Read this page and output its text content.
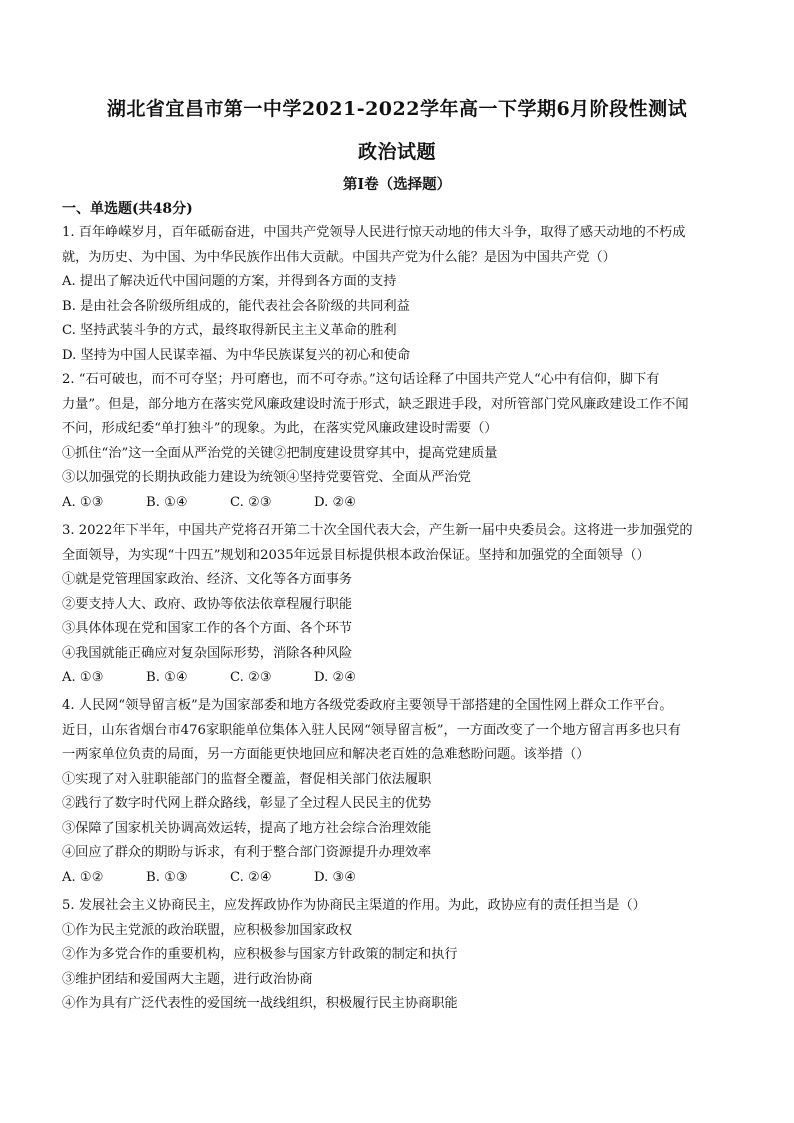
湖北省宜昌市第一中学2021-2022学年高一下学期6月阶段性测试
政治试题
第I卷（选择题）
一、单选题(共48分)
1. 百年峥嵘岁月，百年砥砺奋进，中国共产党领导人民进行惊天动地的伟大斗争，取得了感天动地的不朽成
就，为历史、为中国、为中华民族作出伟大贡献。中国共产党为什么能？是因为中国共产党（）
A. 提出了解决近代中国问题的方案，并得到各方面的支持
B. 是由社会各阶级所组成的，能代表社会各阶级的共同利益
C. 坚持武装斗争的方式，最终取得新民主主义革命的胜利
D. 坚持为中国人民谋幸福、为中华民族谋复兴的初心和使命
2. “石可破也，而不可夺坚；丹可磨也，而不可夺赤。”这句话诠释了中国共产党人“心中有信仰，脚下有
力量”。但是，部分地方在落实党风廉政建设时流于形式，缺乏跟进手段，对所管部门党风廉政建设工作不闻
不问，形成纪委“单打独斗”的现象。为此，在落实党风廉政建设时需要（）
①抓住“治”这一全面从严治党的关键②把制度建设贯穿其中，提高党建质量
③以加强党的长期执政能力建设为统领④坚持党要管党、全面从严治党
A. ①③	B. ①④	C. ②③	D. ②④
3. 2022年下半年，中国共产党将召开第二十次全国代表大会，产生新一届中央委员会。这将进一步加强党的
全面领导，为实现“十四五”规划和2035年远景目标提供根本政治保证。坚持和加强党的全面领导（）
①就是党管理国家政治、经济、文化等各方面事务
②要支持人大、政府、政协等依法依章程履行职能
③具体体现在党和国家工作的各个方面、各个环节
④我国就能正确应对复杂国际形势，消除各种风险
A. ①③	B. ①④	C. ②③	D. ②④
4. 人民网“领导留言板”是为国家部委和地方各级党委政府主要领导干部搭建的全国性网上群众工作平台。
近日，山东省烟台市476家职能单位集体入驻人民网“领导留言板”，一方面改变了一个地方留言再多也只有
一两家单位负责的局面，另一方面能更快地回应和解决老百姓的急难愁盼问题。该举措（）
①实现了对入驻职能部门的监督全覆盖，督促相关部门依法履职
②践行了数字时代网上群众路线，彰显了全过程人民民主的优势
③保障了国家机关协调高效运转，提高了地方社会综合治理效能
④回应了群众的期盼与诉求，有利于整合部门资源提升办理效率
A. ①②	B. ①③	C. ②④	D. ③④
5. 发展社会主义协商民主，应发挥政协作为协商民主渠道的作用。为此，政协应有的责任担当是（）
①作为民主党派的政治联盟，应积极参加国家政权
②作为多党合作的重要机构，应积极参与国家方针政策的制定和执行
③维护团结和爱国两大主题，进行政治协商
④作为具有广泛代表性的爱国统一战线组织，积极履行民主协商职能
